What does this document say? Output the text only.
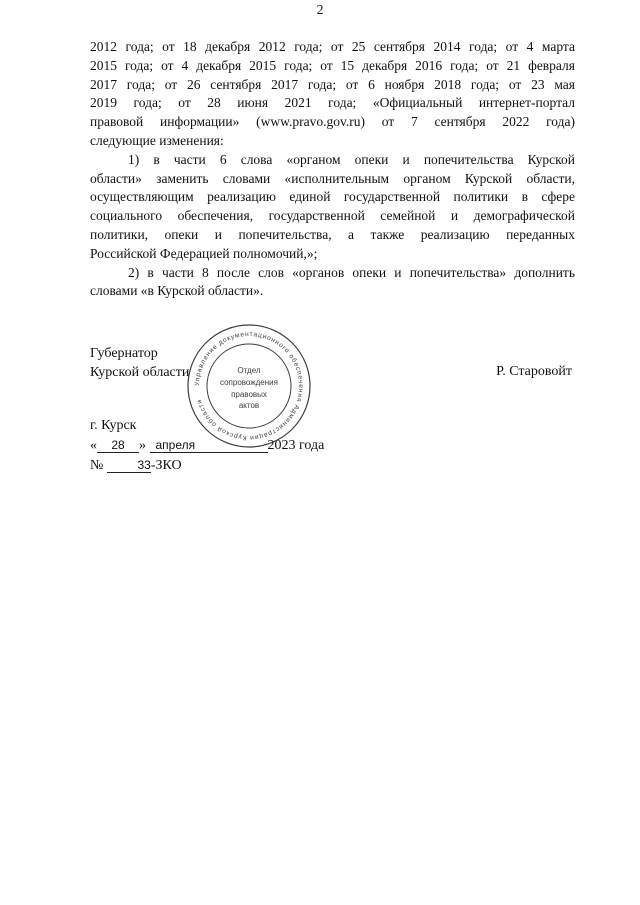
2
2012 года; от 18 декабря 2012 года; от 25 сентября 2014 года; от 4 марта
2015 года; от 4 декабря 2015 года; от 15 декабря 2016 года; от 21 февраля
2017 года; от 26 сентября 2017 года; от 6 ноября 2018 года; от 23 мая
2019 года; от 28 июня 2021 года; «Официальный интернет-портал
правовой информации» (www.pravo.gov.ru) от 7 сентября 2022 года)
следующие изменения:
1) в части 6 слова «органом опеки и попечительства Курской
области» заменить словами «исполнительным органом Курской области,
осуществляющим реализацию единой государственной политики в сфере
социального обеспечения, государственной семейной и демографической
политики, опеки и попечительства, а также реализацию переданных
Российской Федерацией полномочий,»;
2) в части 8 после слов «органов опеки и попечительства» дополнить
словами «в Курской области».
Губернатор
Курской области	Р. Старовойт
г. Курск
« 28 » апреля	2023 года
№	33-ЗКО
Управление документационного обеспечения Администрации Курской области
Отдел
сопровождения
правовых
актов
